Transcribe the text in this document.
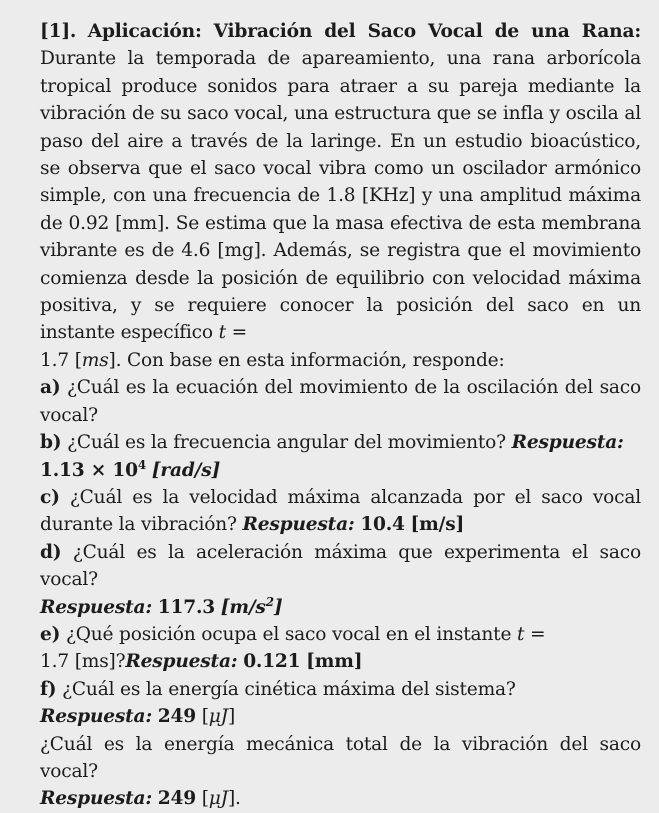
[1]. Aplicación: Vibración del Saco Vocal de una Rana: Durante la temporada de apareamiento, una rana arborícola tropical produce sonidos para atraer a su pareja mediante la vibración de su saco vocal, una estructura que se infla y oscila al paso del aire a través de la laringe. En un estudio bioacústico, se observa que el saco vocal vibra como un oscilador armónico simple, con una frecuencia de 1.8 [KHz] y una amplitud máxima de 0.92 [mm]. Se estima que la masa efectiva de esta membrana vibrante es de 4.6 [mg]. Además, se registra que el movimiento comienza desde la posición de equilibrio con velocidad máxima positiva, y se requiere conocer la posición del saco en un instante específico t =
1.7 [ms]. Con base en esta información, responde:

a) ¿Cuál es la ecuación del movimiento de la oscilación del saco vocal?

b) ¿Cuál es la frecuencia angular del movimiento? Respuesta:
$1.13 \times 10^4$ [rad/s]

c) ¿Cuál es la velocidad máxima alcanzada por el saco vocal durante la vibración? Respuesta: 10.4 [m/s]

d) ¿Cuál es la aceleración máxima que experimenta el saco vocal?
Respuesta: 117.3 $[m/s^2]$

e) ¿Qué posición ocupa el saco vocal en el instante t =
1.7 [ms]?Respuesta: 0.121 [mm]

f) ¿Cuál es la energía cinética máxima del sistema?
Respuesta: 249 [μJ]

¿Cuál es la energía mecánica total de la vibración del saco vocal?
Respuesta: 249 [μJ].
